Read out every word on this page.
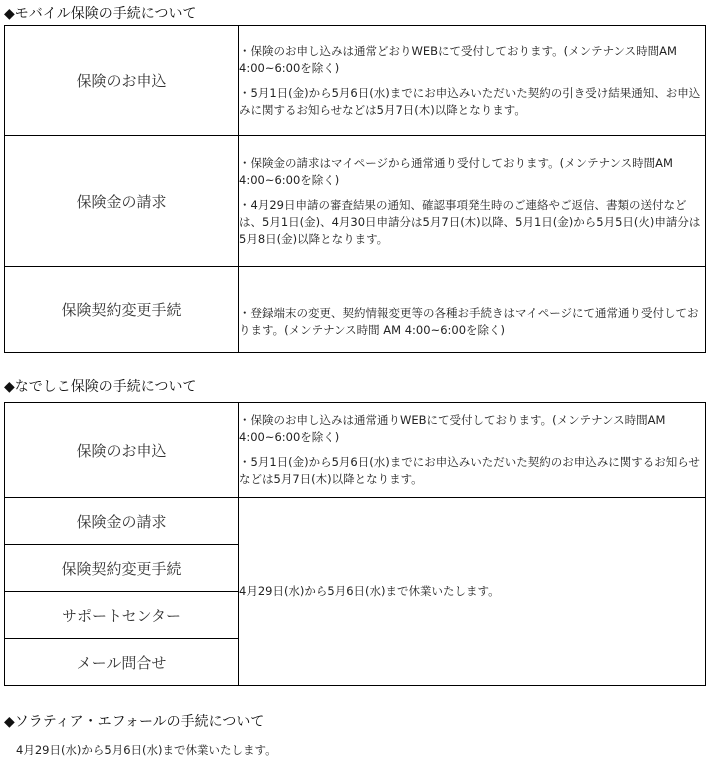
◆モバイル保険の手続について
保険のお申込	・保険のお申し込みは通常どおりWEBにて受付しております。(メンテナンス時間AM 4:00~6:00を除く)

・5月1日(金)から5月6日(水)までにお申込みいただいた契約の引き受け結果通知、お申込みに関するお知らせなどは5月7日(木)以降となります。

保険金の請求	・保険金の請求はマイページから通常通り受付しております。(メンテナンス時間AM 4:00~6:00を除く)

・4月29日申請の審査結果の通知、確認事項発生時のご連絡やご返信、書類の送付などは、5月1日(金)、4月30日申請分は5月7日(木)以降、5月1日(金)から5月5日(火)申請分は5月8日(金)以降となります。

保険契約変更手続	・登録端末の変更、契約情報変更等の各種お手続きはマイページにて通常通り受付しております。(メンテナンス時間 AM 4:00~6:00を除く)

◆なでしこ保険の手続について
保険のお申込	・保険のお申し込みは通常通りWEBにて受付しております。(メンテナンス時間AM 4:00~6:00を除く)

・5月1日(金)から5月6日(水)までにお申込みいただいた契約のお申込みに関するお知らせなどは5月7日(木)以降となります。

保険金の請求	4月29日(水)から5月6日(水)まで休業いたします。
保険契約変更手続	
サポートセンター	
メール問合せ	
◆ソラティア・エフォールの手続について
4月29日(水)から5月6日(水)まで休業いたします。
